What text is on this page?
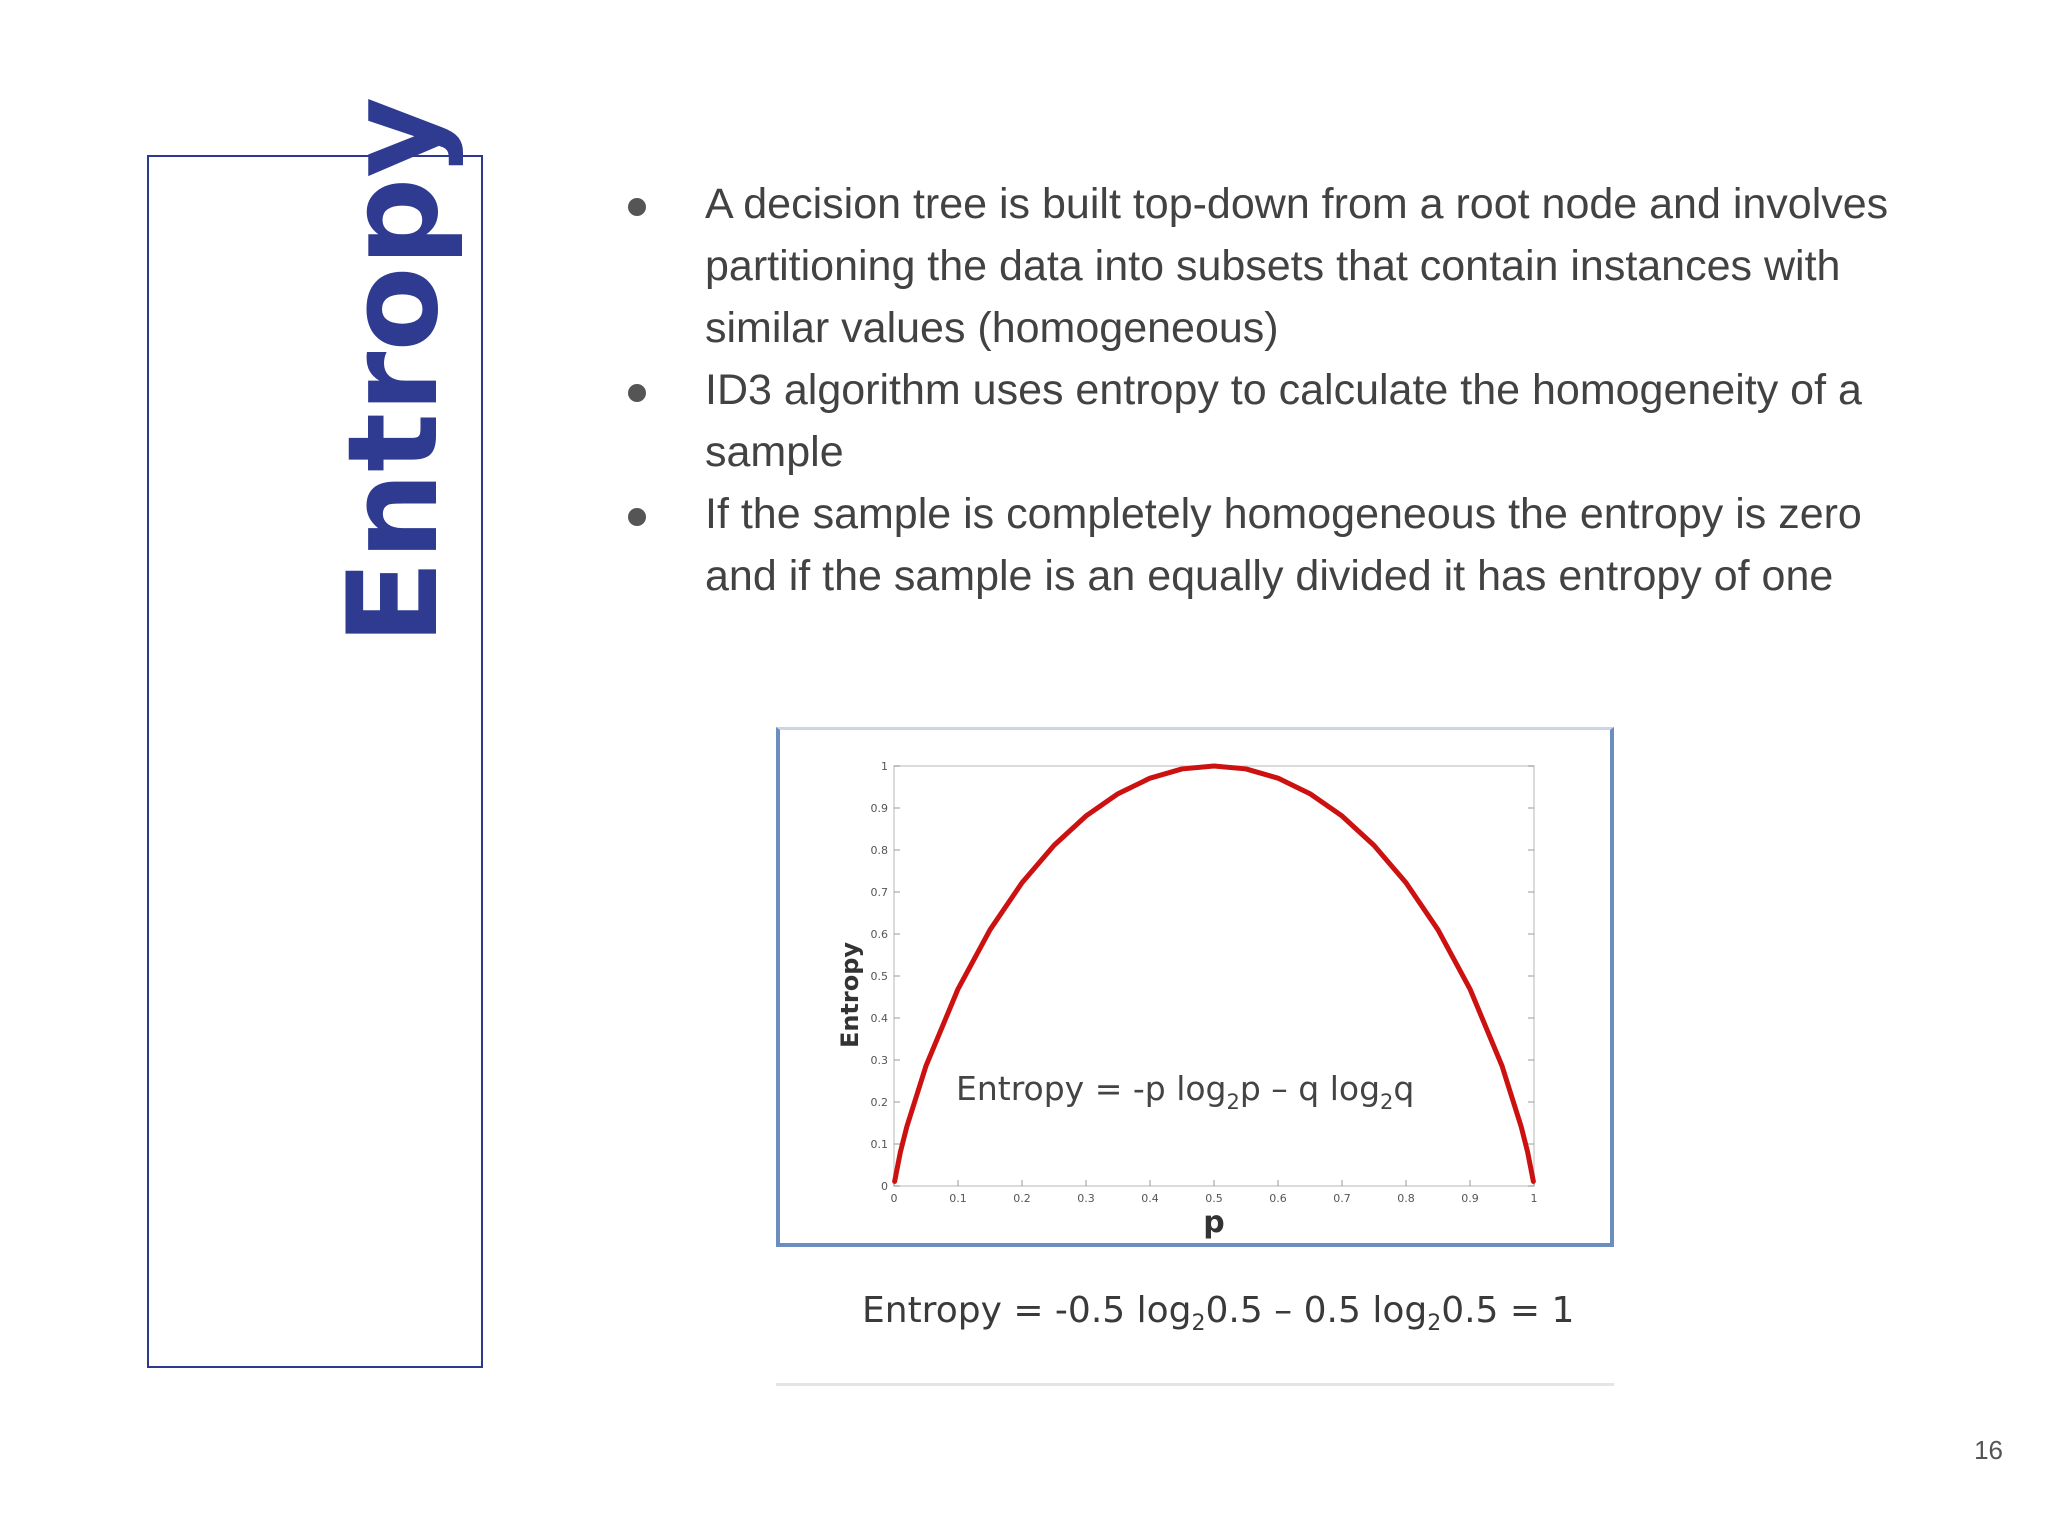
Entropy	A decision tree is built top-down from a root node and involves partitioning the data into subsets that contain instances with similar values (homogeneous)
ID3 algorithm uses entropy to calculate the homogeneity of a sample
If the sample is completely homogeneous the entropy is zero and if the sample is an equally divided it has entropy of one
0	0.1	0.2	0.3	0.4	0.5	0.6	0.7	0.8	0.9	1
0
0.1
0.2
0.3
0.4
0.5
0.6
0.7
0.8
0.9
1
p
Entropy
Entropy = -p $\log_2p$ – q $\log_2q$
Entropy = -0.5 $\log_20.5 - 0.5$ $\log_20.5 = 1$
16
